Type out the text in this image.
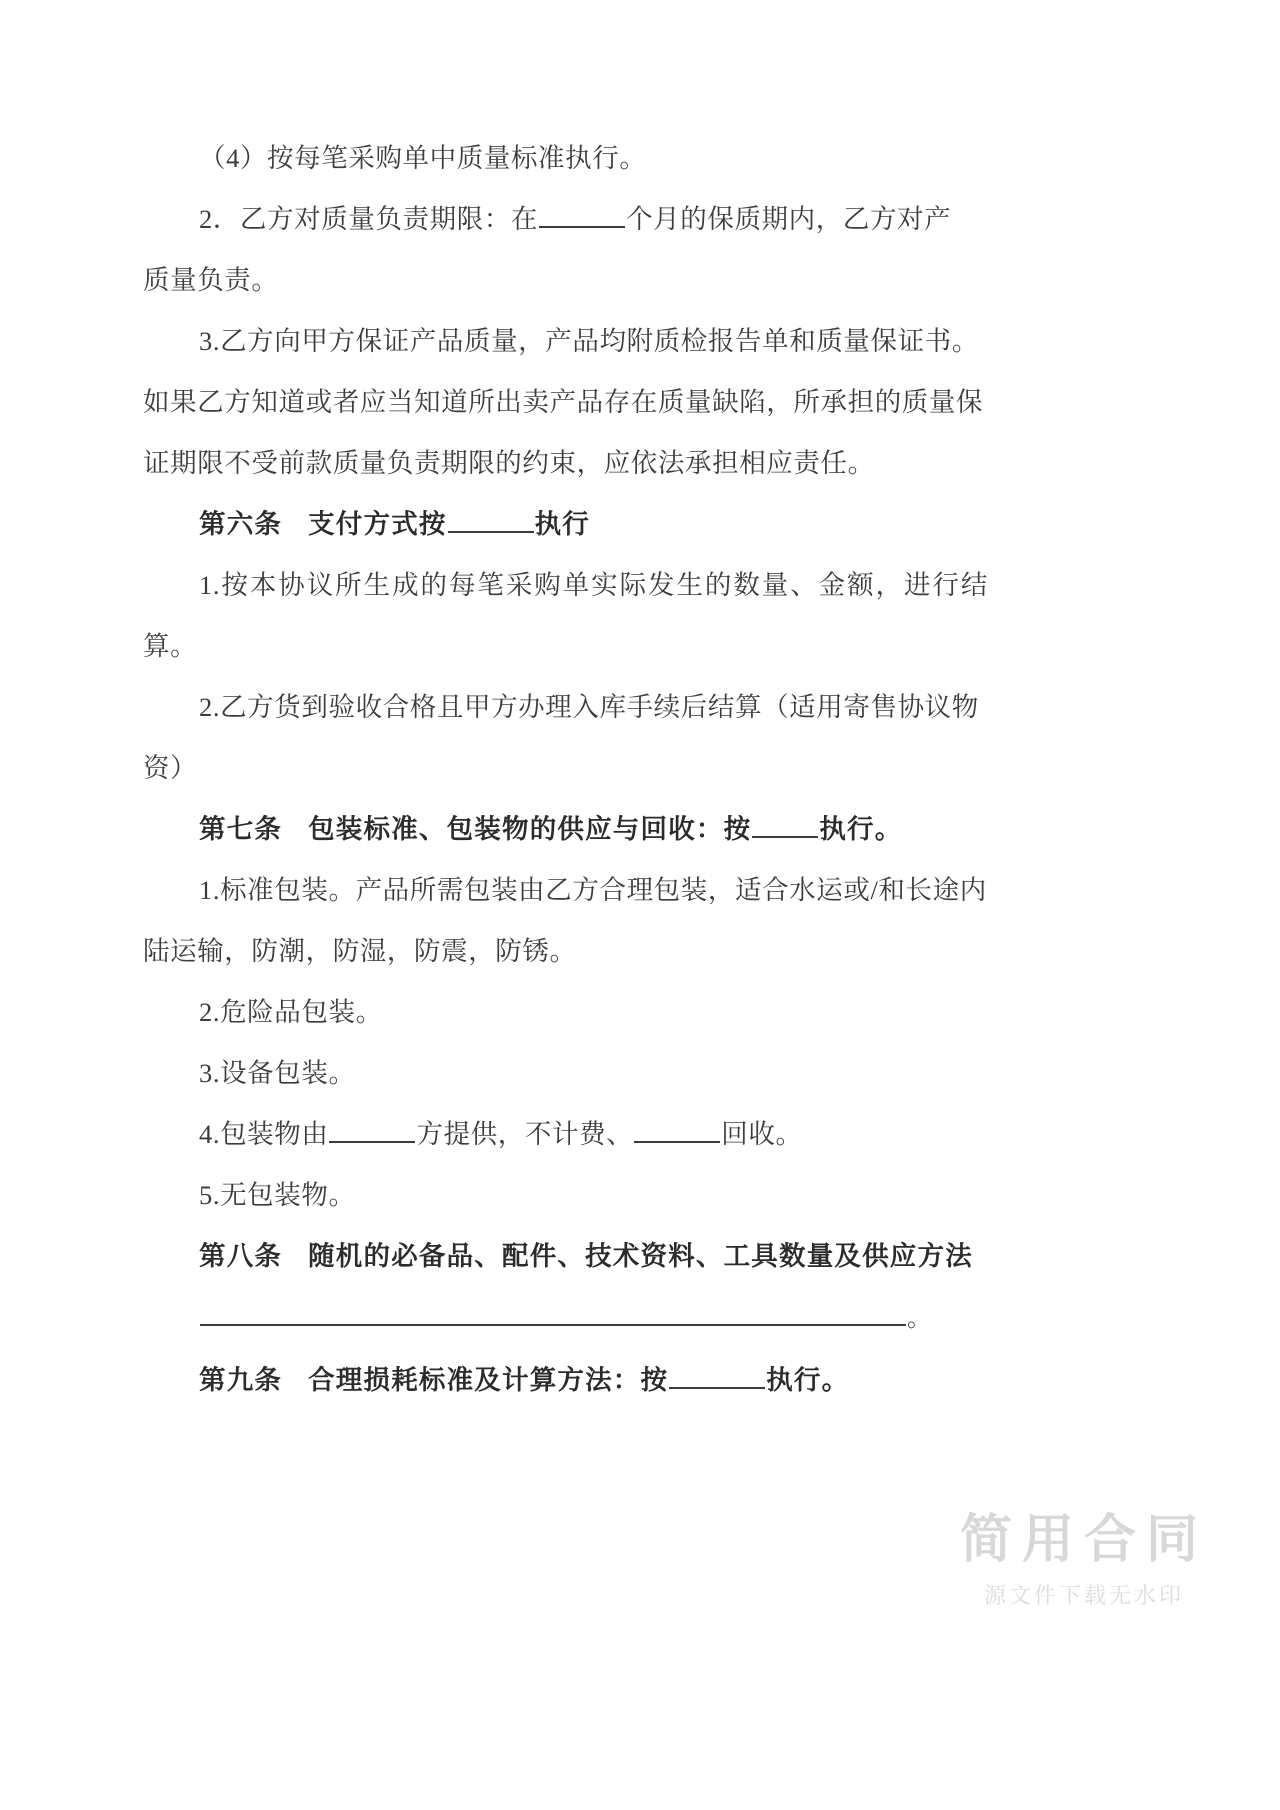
（4）按每笔采购单中质量标准执行。

2．乙方对质量负责期限：在	个月的保质期内，乙方对产

质量负责。

3.乙方向甲方保证产品质量，产品均附质检报告单和质量保证书。

如果乙方知道或者应当知道所出卖产品存在质量缺陷，所承担的质量保

证期限不受前款质量负责期限的约束，应依法承担相应责任。

第六条 支付方式按	执行

1.按本协议所生成的每笔采购单实际发生的数量、金额，进行结算。

2.乙方货到验收合格且甲方办理入库手续后结算（适用寄售协议物

资）

第七条 包装标准、包装物的供应与回收：按	执行。

1.标准包装。产品所需包装由乙方合理包装，适合水运或/和长途内

陆运输，防潮，防湿，防震，防锈。

2.危险品包装。

3.设备包装。

4.包装物由	方提供，不计费、	回收。

5.无包装物。

第八条 随机的必备品、配件、技术资料、工具数量及供应方法

。

第九条 合理损耗标准及计算方法：按	执行。

简用合同
源文件下载无水印
